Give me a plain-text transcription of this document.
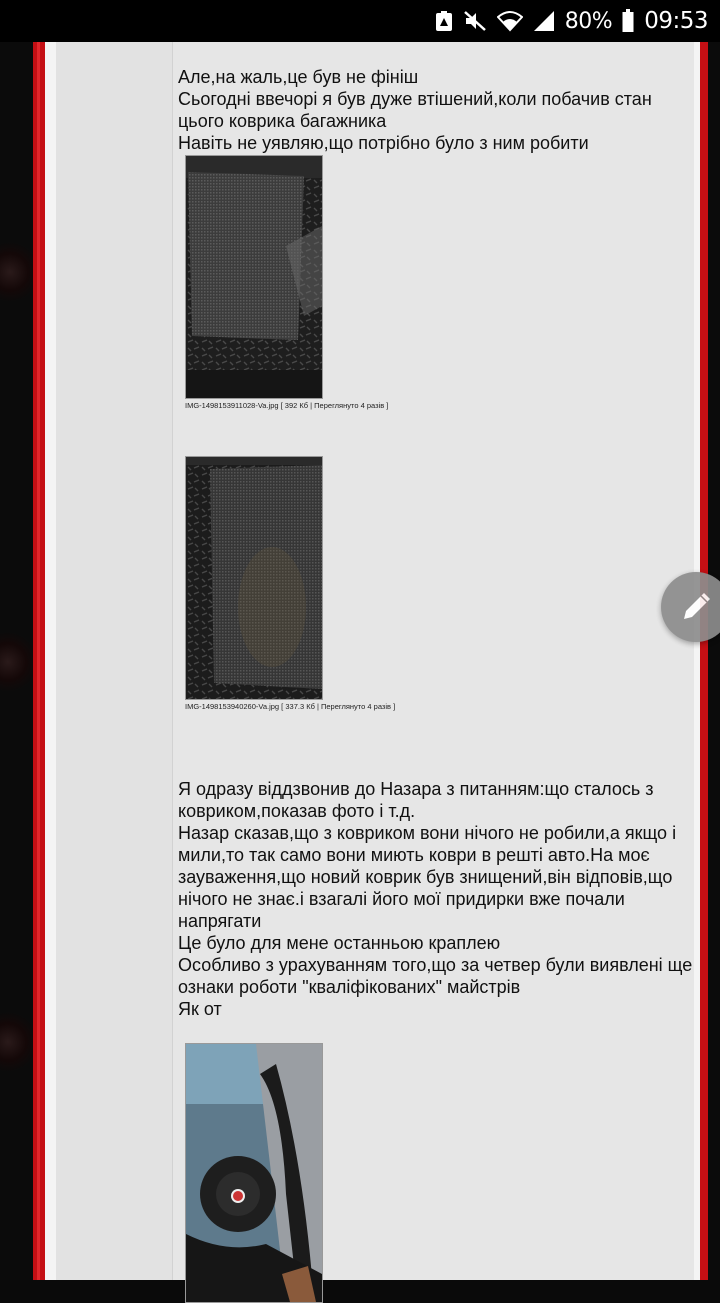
80% 09:53
Але,на жаль,це був не фініш
Сьогодні ввечорі я був дуже втішений,коли побачив стан цього коврика багажника
Навіть не уявляю,що потрібно було з ним робити
IMG-1498153911028-Va.jpg [ 392 Кб | Переглянуто 4 разів ]
IMG-1498153940260-Va.jpg [ 337.3 Кб | Переглянуто 4 разів ]
Я одразу віддзвонив до Назара з питанням:що сталось з ковриком,показав фото і т.д.
Назар сказав,що з ковриком вони нічого не робили,а якщо і мили,то так само вони миють коври в решті авто.На моє зауваження,що новий коврик був знищений,він відповів,що нічого не знає.і взагалі його мої придирки вже почали напрягати
Це було для мене останньою краплею
Особливо з урахуванням того,що за четвер були виявлені ще ознаки роботи "кваліфікованих" майстрів
Як от
